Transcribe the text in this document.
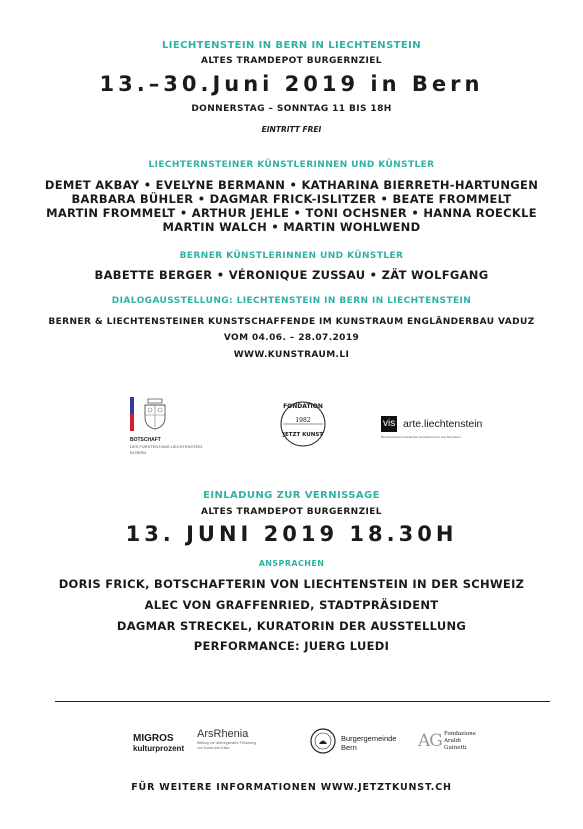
LIECHTENSTEIN IN BERN IN LIECHTENSTEIN
ALTES TRAMDEPOT BURGERNZIEL
13.–30.Juni 2019 in Bern
DONNERSTAG – SONNTAG 11 BIS 18H
EINTRITT FREI
LIECHTERNSTEINER KÜNSTLERINNEN UND KÜNSTLER
DEMET AKBAY • EVELYNE BERMANN • KATHARINA BIERRETH-HARTUNGEN
BARBARA BÜHLER • DAGMAR FRICK-ISLITZER • BEATE FROMMELT
MARTIN FROMMELT • ARTHUR JEHLE • TONI OCHSNER • HANNA ROECKLE
MARTIN WALCH • MARTIN WOHLWEND
BERNER KÜNSTLERINNEN UND KÜNSTLER
BABETTE BERGER • VÉRONIQUE ZUSSAU • ZÄT WOLFGANG
DIALOGAUSSTELLUNG: LIECHTENSTEIN IN BERN IN LIECHTENSTEIN
BERNER & LIECHTENSTEINER KUNSTSCHAFFENDE IM KUNSTRAUM ENGLÄNDERBAU VADUZ
VOM 04.06. – 28.07.2019
WWW.KUNSTRAUM.LI
BOTSCHAFT
DES FÜRSTENTUMS LIECHTENSTEIN
IN BERN
FONDATION
1982
JETZT KUNST
vis arte.liechtenstein
Berufsverband bildender Künstlerinnen Liechtenstein
EINLADUNG ZUR VERNISSAGE
ALTES TRAMDEPOT BURGERNZIEL
13. JUNI 2019 18.30H
ANSPRACHEN
DORIS FRICK, BOTSCHAFTERIN VON LIECHTENSTEIN IN DER SCHWEIZ
ALEC VON GRAFFENRIED, STADTPRÄSIDENT
DAGMAR STRECKEL, KURATORIN DER AUSSTELLUNG
PERFORMANCE: JUERG LUEDI
MIGROS
kulturprozent
ArsRhenia
Stiftung zur überregionalen Förderung
von Kunst und Kultur
Burgergemeinde
Bern	AG Fondazione
Araldi
Guinetti
FÜR WEITERE INFORMATIONEN WWW.JETZTKUNST.CH
